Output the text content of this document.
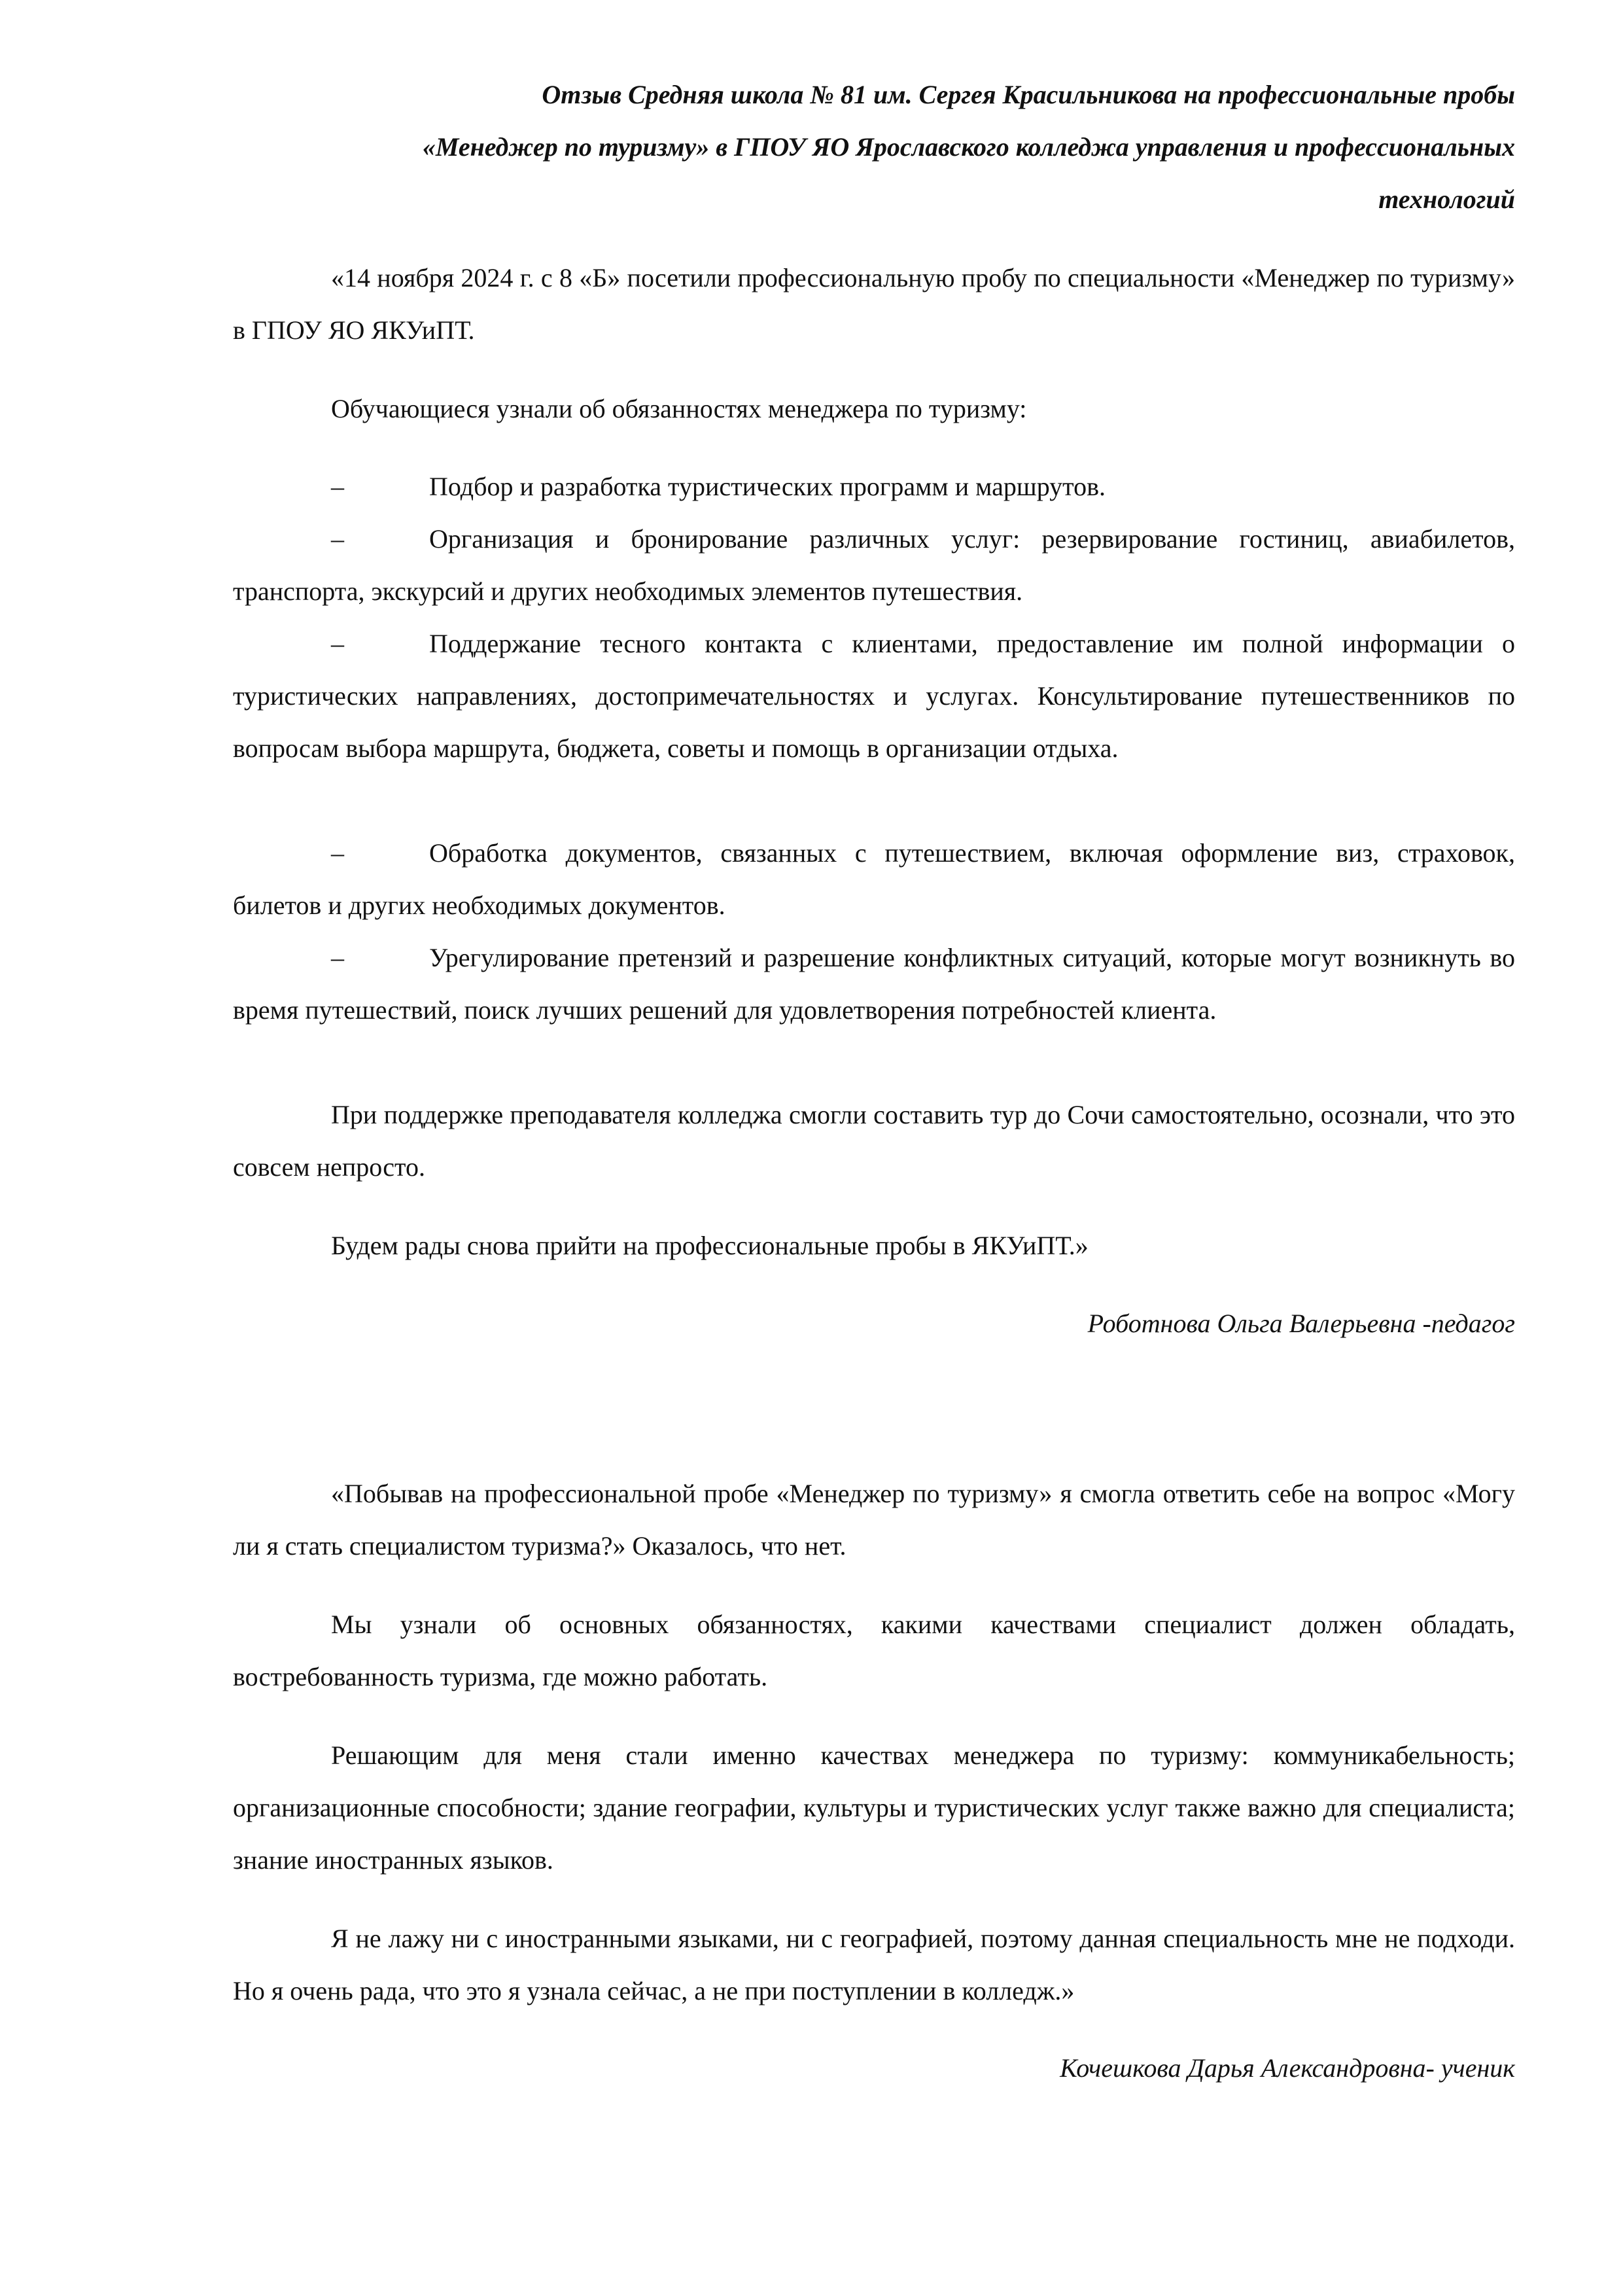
Отзыв Средняя школа № 81 им. Сергея Красильникова на профессиональные пробы
«Менеджер по туризму» в ГПОУ ЯО Ярославского колледжа управления и профессиональных
технологий

«14 ноября 2024 г. с 8 «Б» посетили профессиональную пробу по специальности «Менеджер по туризму» в ГПОУ ЯО ЯКУиПТ.

Обучающиеся узнали об обязанностях менеджера по туризму:

–	Подбор и разработка туристических программ и маршрутов.
–	Организация и бронирование различных услуг: резервирование гостиниц, авиабилетов, транспорта, экскурсий и других необходимых элементов путешествия.
–	Поддержание тесного контакта с клиентами, предоставление им полной информации о туристических направлениях, достопримечательностях и услугах. Консультирование путешественников по вопросам выбора маршрута, бюджета, советы и помощь в организации отдыха.
–	Обработка документов, связанных с путешествием, включая оформление виз, страховок, билетов и других необходимых документов.
–	Урегулирование претензий и разрешение конфликтных ситуаций, которые могут возникнуть во время путешествий, поиск лучших решений для удовлетворения потребностей клиента.

При поддержке преподавателя колледжа смогли составить тур до Сочи самостоятельно, осознали, что это совсем непросто.

Будем рады снова прийти на профессиональные пробы в ЯКУиПТ.»

Роботнова Ольга Валерьевна -педагог

«Побывав на профессиональной пробе «Менеджер по туризму» я смогла ответить себе на вопрос «Могу ли я стать специалистом туризма?» Оказалось, что нет.

Мы узнали об основных обязанностях, какими качествами специалист должен обладать, востребованность туризма, где можно работать.

Решающим для меня стали именно качествах менеджера по туризму: коммуникабельность; организационные способности; здание географии, культуры и туристических услуг также важно для специалиста; знание иностранных языков.

Я не лажу ни с иностранными языками, ни с географией, поэтому данная специальность мне не подходи. Но я очень рада, что это я узнала сейчас, а не при поступлении в колледж.»

Кочешкова Дарья Александровна- ученик
